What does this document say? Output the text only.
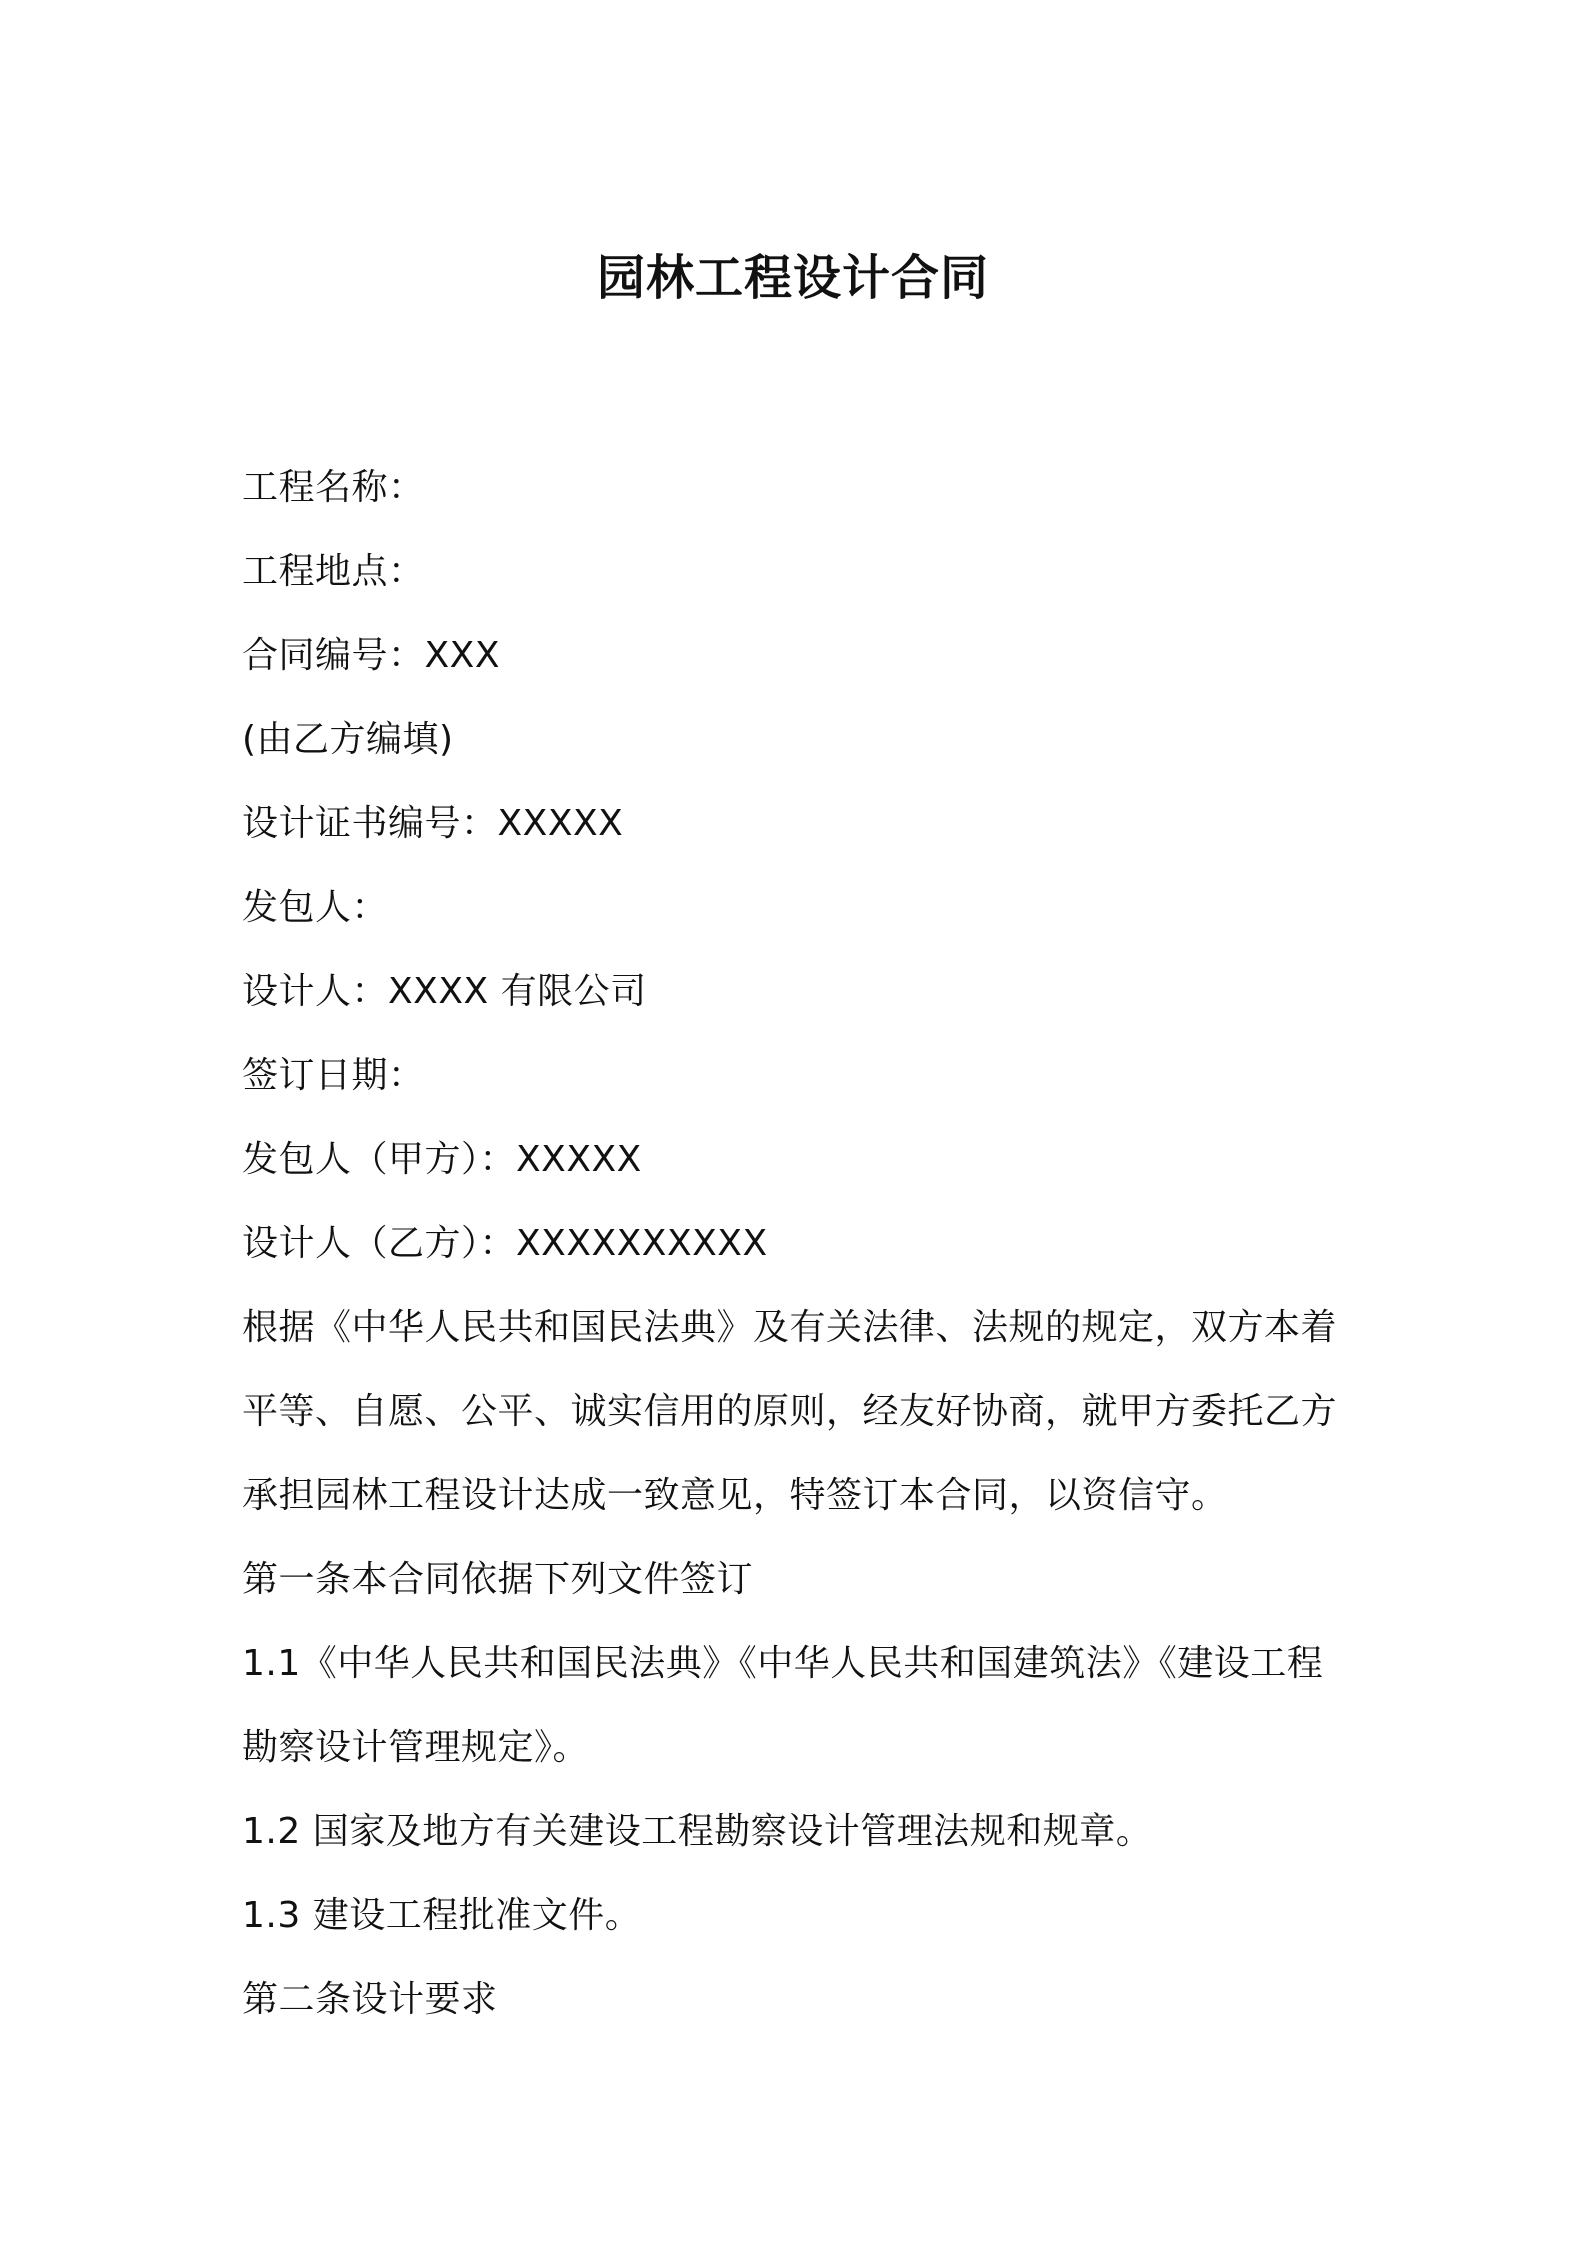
园林工程设计合同
工程名称：
工程地点：
合同编号：XXX
(由乙方编填)
设计证书编号：XXXXX
发包人：
设计人：XXXX 有限公司
签订日期：
发包人（甲方）：XXXXX
设计人（乙方）：XXXXXXXXXX
根据《中华人民共和国民法典》及有关法律、法规的规定，双方本着
平等、自愿、公平、诚实信用的原则，经友好协商，就甲方委托乙方
承担园林工程设计达成一致意见，特签订本合同，以资信守。
第一条本合同依据下列文件签订
1.1《中华人民共和国民法典》《中华人民共和国建筑法》《建设工程
勘察设计管理规定》。
1.2 国家及地方有关建设工程勘察设计管理法规和规章。
1.3 建设工程批准文件。
第二条设计要求
